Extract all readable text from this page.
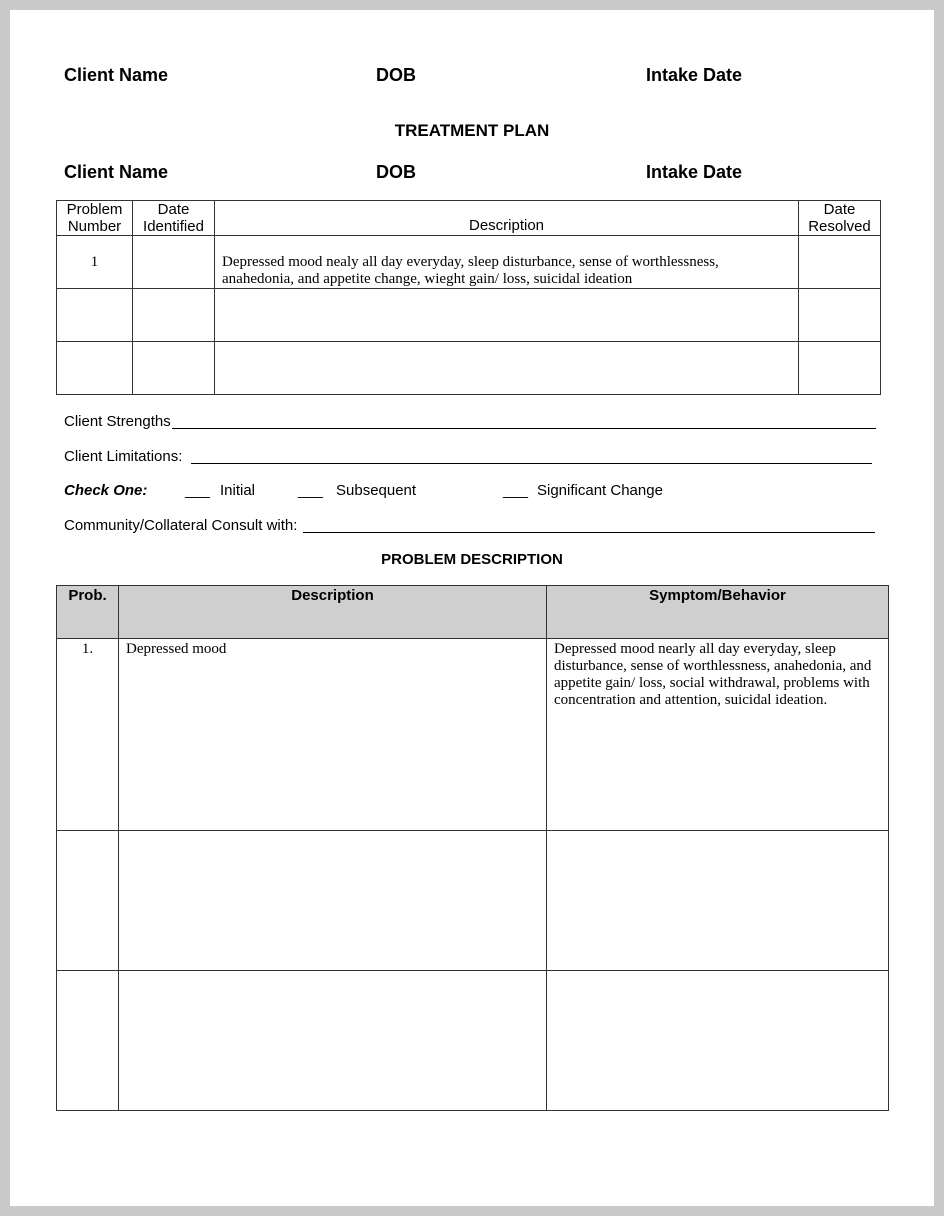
Client Name	DOB	Intake Date
TREATMENT PLAN
Client Name	DOB	Intake Date
Problem Number	Date Identified	Description	Date Resolved

1		Depressed mood nealy all day everyday, sleep disturbance, sense of worthlessness, anahedonia, and appetite change, wieght gain/ loss, suicidal ideation	

Client Strengths
Client Limitations:
Check One:	___ Initial	___ Subsequent	___ Significant Change
Community/Collateral Consult with:
PROBLEM DESCRIPTION
Prob.	Description	Symptom/Behavior

1.	Depressed mood	Depressed mood nearly all day everyday, sleep disturbance, sense of worthlessness, anahedonia, and appetite gain/ loss, social withdrawal, problems with concentration and attention, suicidal ideation.
